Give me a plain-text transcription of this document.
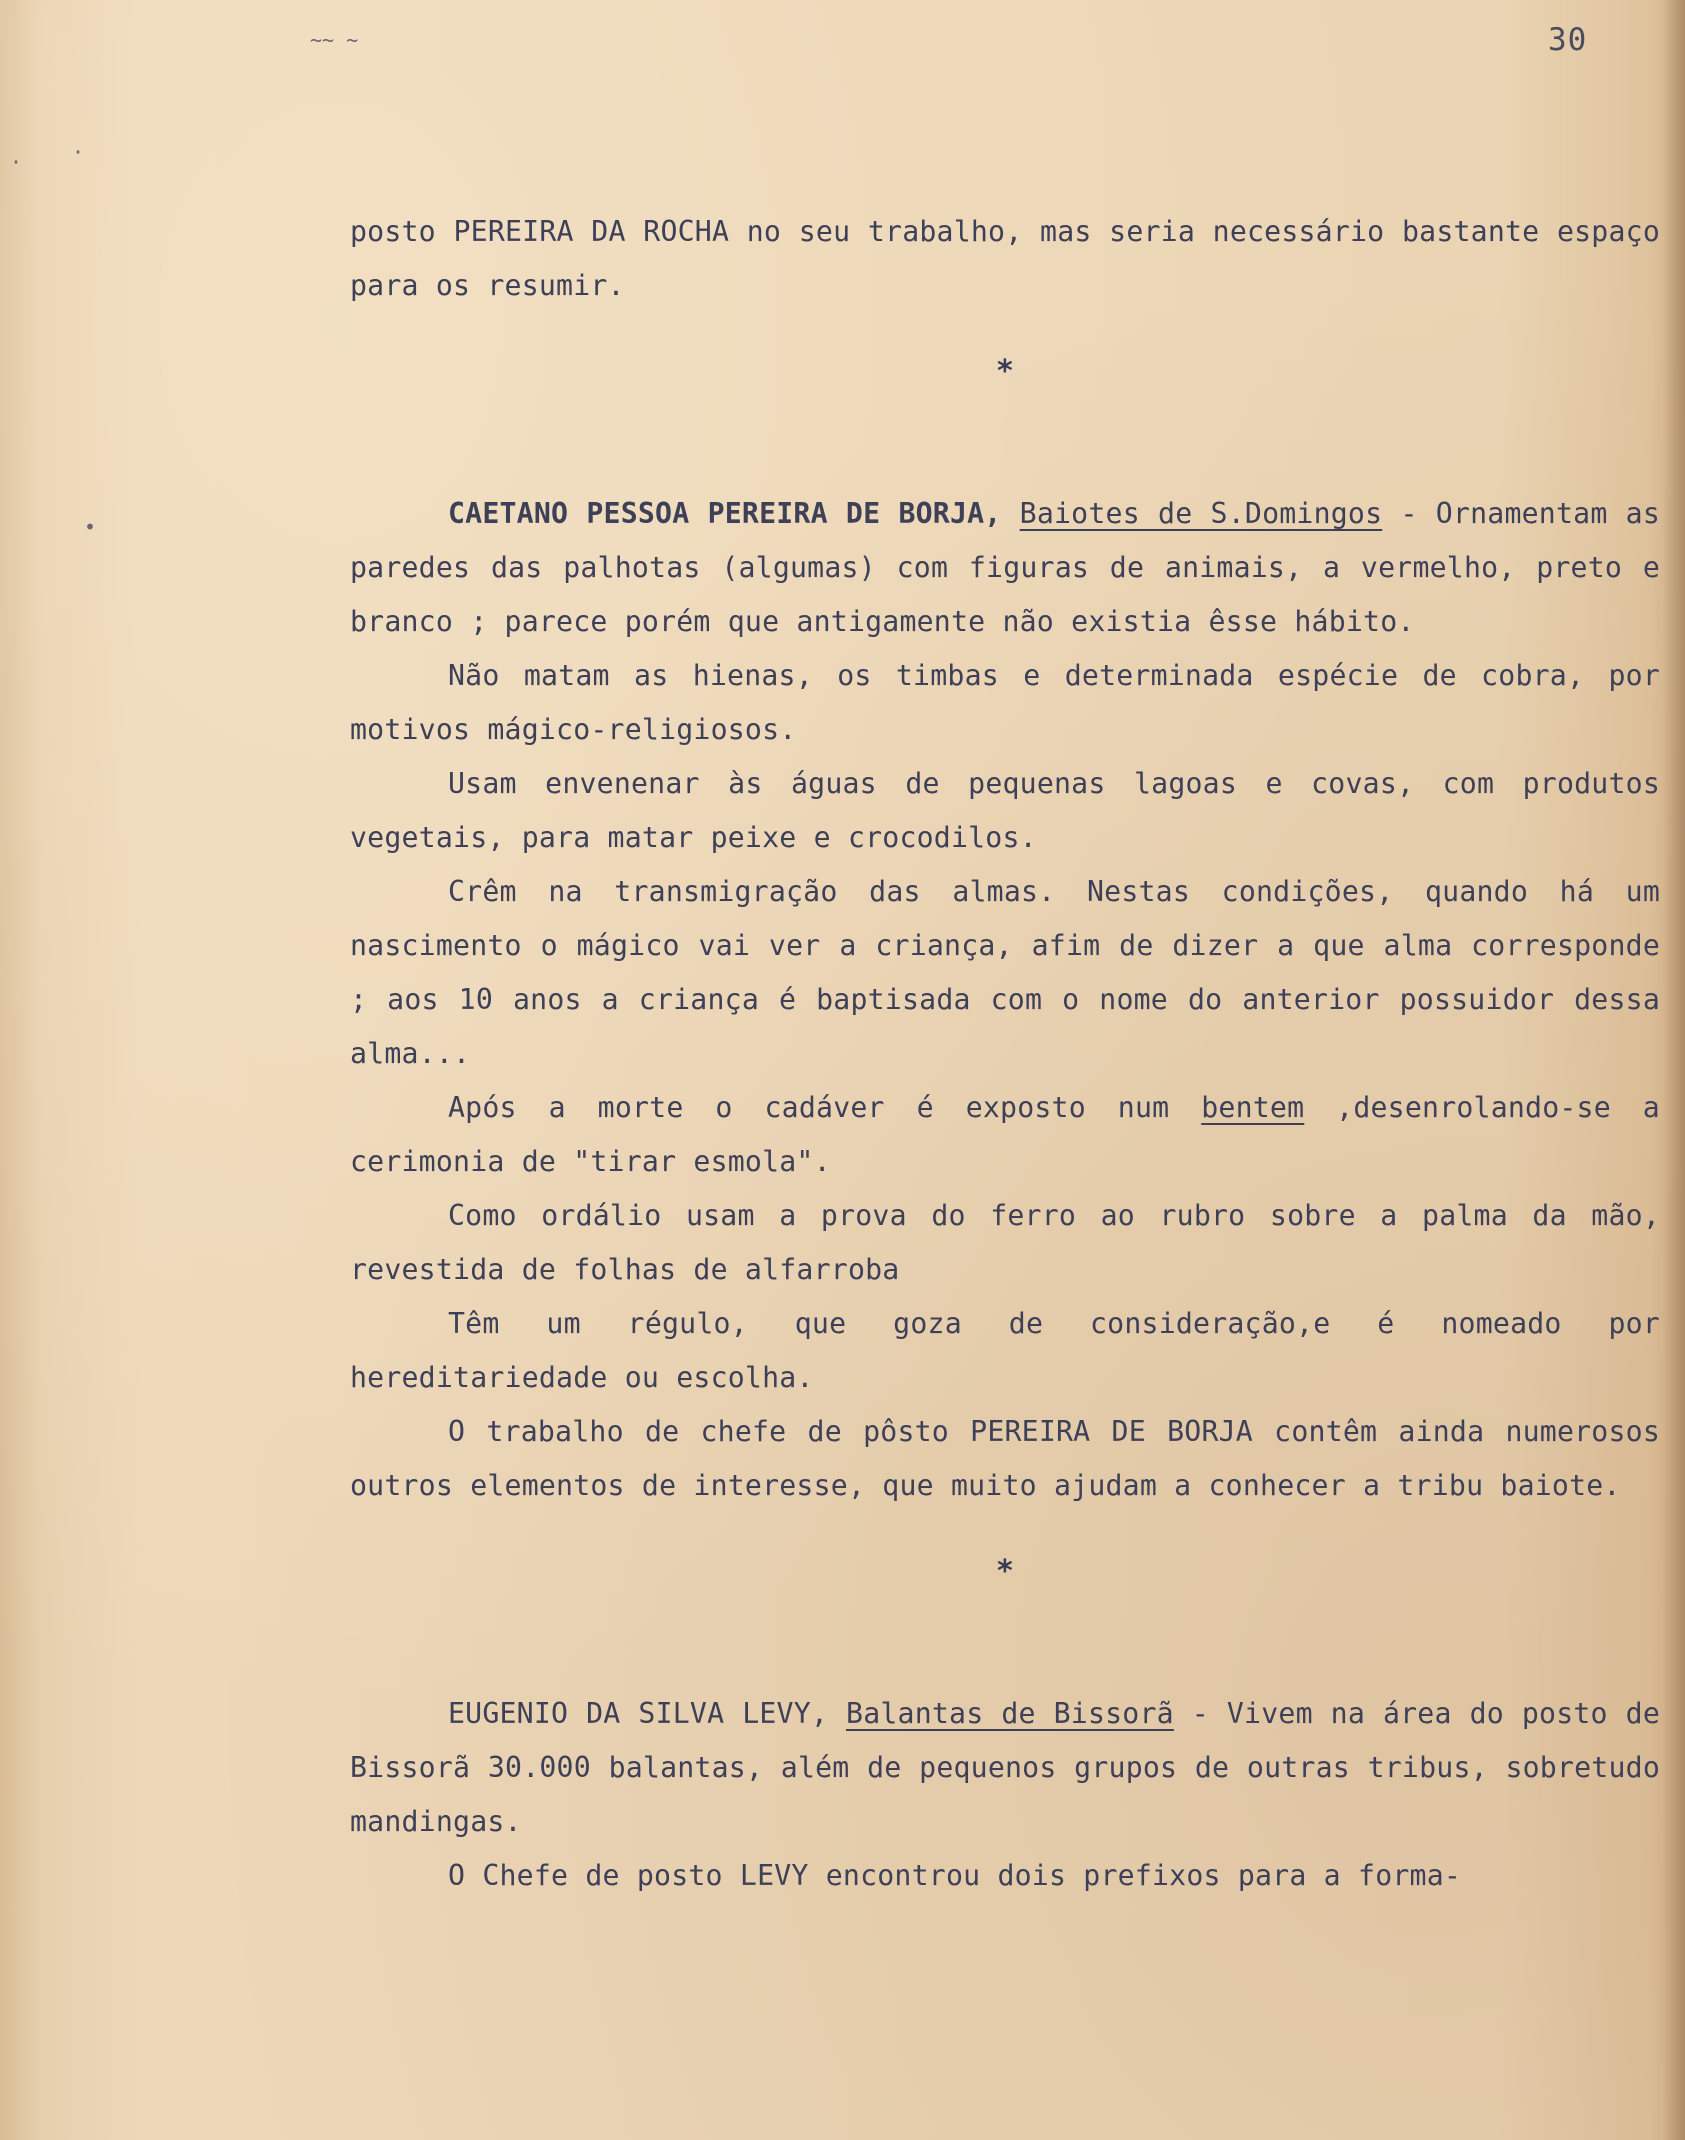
~~ ~
•
·
·
30

posto PEREIRA DA ROCHA no seu trabalho, mas seria necessário bastante espaço para os resumir.

*

CAETANO PESSOA PEREIRA DE BORJA, Baiotes de S.Domingos - Ornamentam as paredes das palhotas (algumas) com figuras de animais, a vermelho, preto e branco ; parece porém que antigamente não existia êsse hábito.

Não matam as hienas, os timbas e determinada espécie de cobra, por motivos mágico-religiosos.

Usam envenenar às águas de pequenas lagoas e covas, com produtos vegetais, para matar peixe e crocodilos.

Crêm na transmigração das almas. Nestas condições, quando há um nascimento o mágico vai ver a criança, afim de dizer a que alma corresponde ; aos 10 anos a criança é baptisada com o nome do anterior possuidor dessa alma...

Após a morte o cadáver é exposto num bentem ,desenrolando-se a cerimonia de "tirar esmola".

Como ordálio usam a prova do ferro ao rubro sobre a palma da mão, revestida de folhas de alfarroba

Têm um régulo, que goza de consideração,e é nomeado por hereditariedade ou escolha.

O trabalho de chefe de pôsto PEREIRA DE BORJA contêm ainda numerosos outros elementos de interesse, que muito ajudam a conhecer a tribu baiote.

*

EUGENIO DA SILVA LEVY, Balantas de Bissorã - Vivem na área do posto de Bissorã 30.000 balantas, além de pequenos grupos de outras tribus, sobretudo mandingas.

O Chefe de posto LEVY encontrou dois prefixos para a forma-
